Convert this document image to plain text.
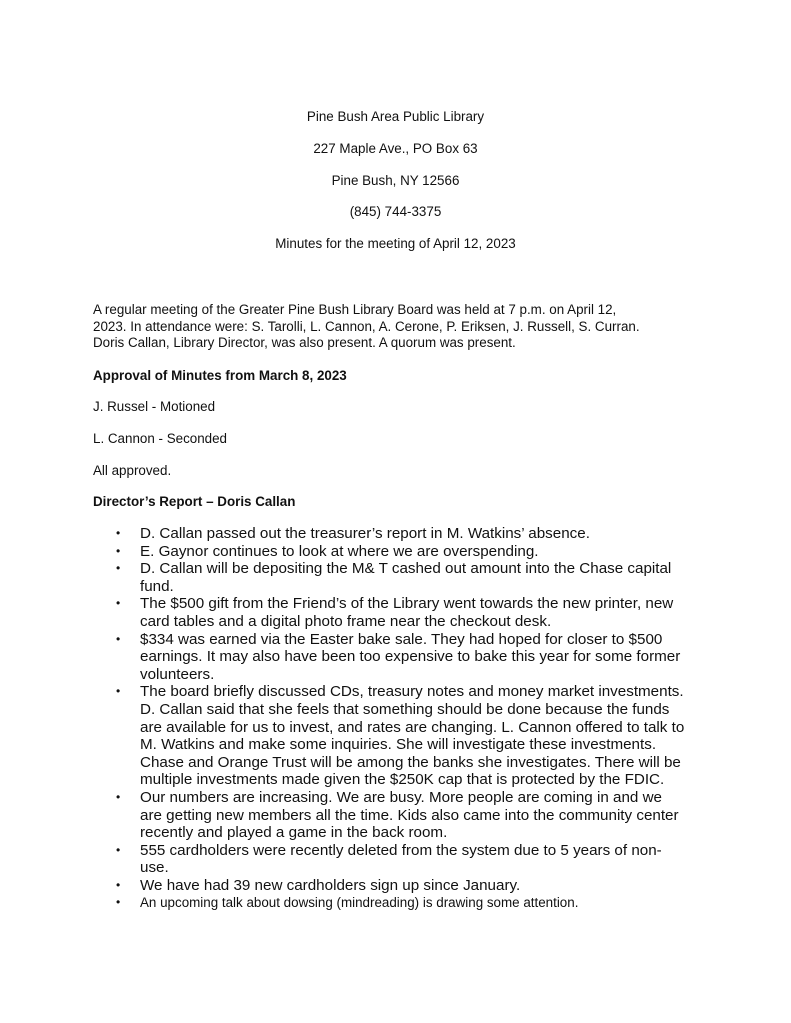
Pine Bush Area Public Library
227 Maple Ave., PO Box 63
Pine Bush, NY 12566
(845) 744-3375
Minutes for the meeting of April 12, 2023
A regular meeting of the Greater Pine Bush Library Board was held at 7 p.m. on April 12,
2023. In attendance were: S. Tarolli, L. Cannon, A. Cerone, P. Eriksen, J. Russell, S. Curran.
Doris Callan, Library Director, was also present. A quorum was present.
Approval of Minutes from March 8, 2023
J. Russel - Motioned
L. Cannon - Seconded
All approved.
Director’s Report – Doris Callan
• D. Callan passed out the treasurer’s report in M. Watkins’ absence.
• E. Gaynor continues to look at where we are overspending.
• D. Callan will be depositing the M& T cashed out amount into the Chase capital
fund.
• The $500 gift from the Friend’s of the Library went towards the new printer, new
card tables and a digital photo frame near the checkout desk.
• $334 was earned via the Easter bake sale. They had hoped for closer to $500
earnings. It may also have been too expensive to bake this year for some former
volunteers.
• The board briefly discussed CDs, treasury notes and money market investments.
D. Callan said that she feels that something should be done because the funds
are available for us to invest, and rates are changing. L. Cannon offered to talk to
M. Watkins and make some inquiries. She will investigate these investments.
Chase and Orange Trust will be among the banks she investigates. There will be
multiple investments made given the $250K cap that is protected by the FDIC.
• Our numbers are increasing. We are busy. More people are coming in and we
are getting new members all the time. Kids also came into the community center
recently and played a game in the back room.
• 555 cardholders were recently deleted from the system due to 5 years of non-
use.
• We have had 39 new cardholders sign up since January.
• An upcoming talk about dowsing (mindreading) is drawing some attention.
